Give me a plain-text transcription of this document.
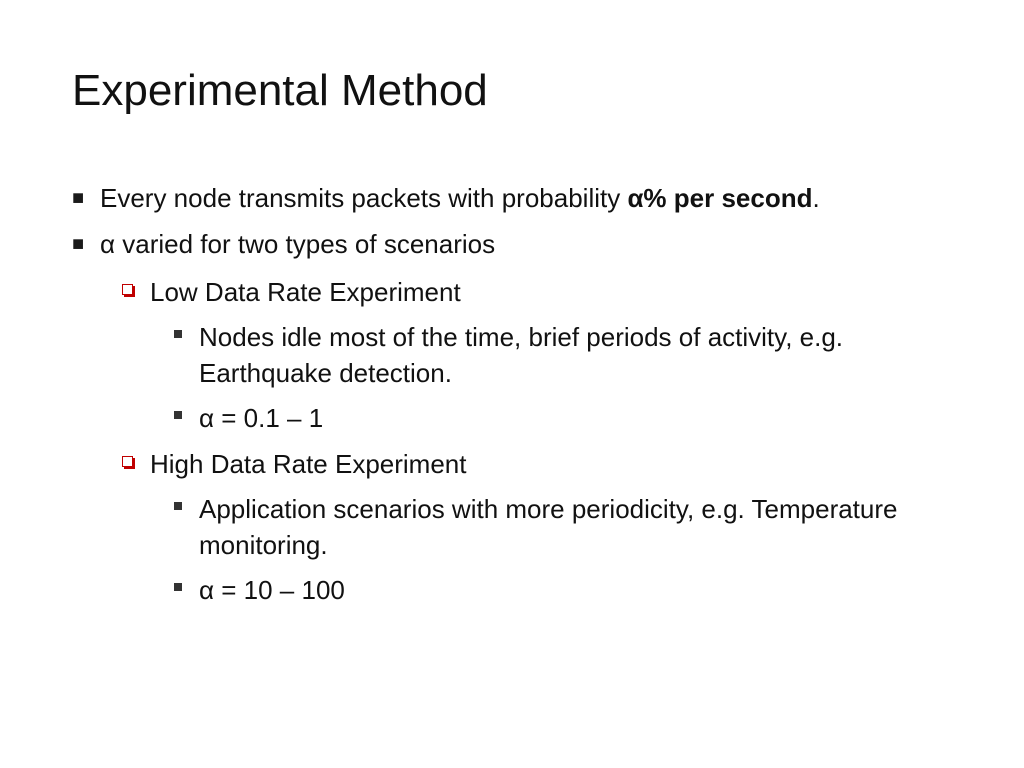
Experimental Method
■ Every node transmits packets with probability α% per second.
■ α varied for two types of scenarios
Low Data Rate Experiment
Nodes idle most of the time, brief periods of activity, e.g. Earthquake detection.
α = 0.1 – 1
High Data Rate Experiment
Application scenarios with more periodicity, e.g. Temperature monitoring.
α = 10 – 100
